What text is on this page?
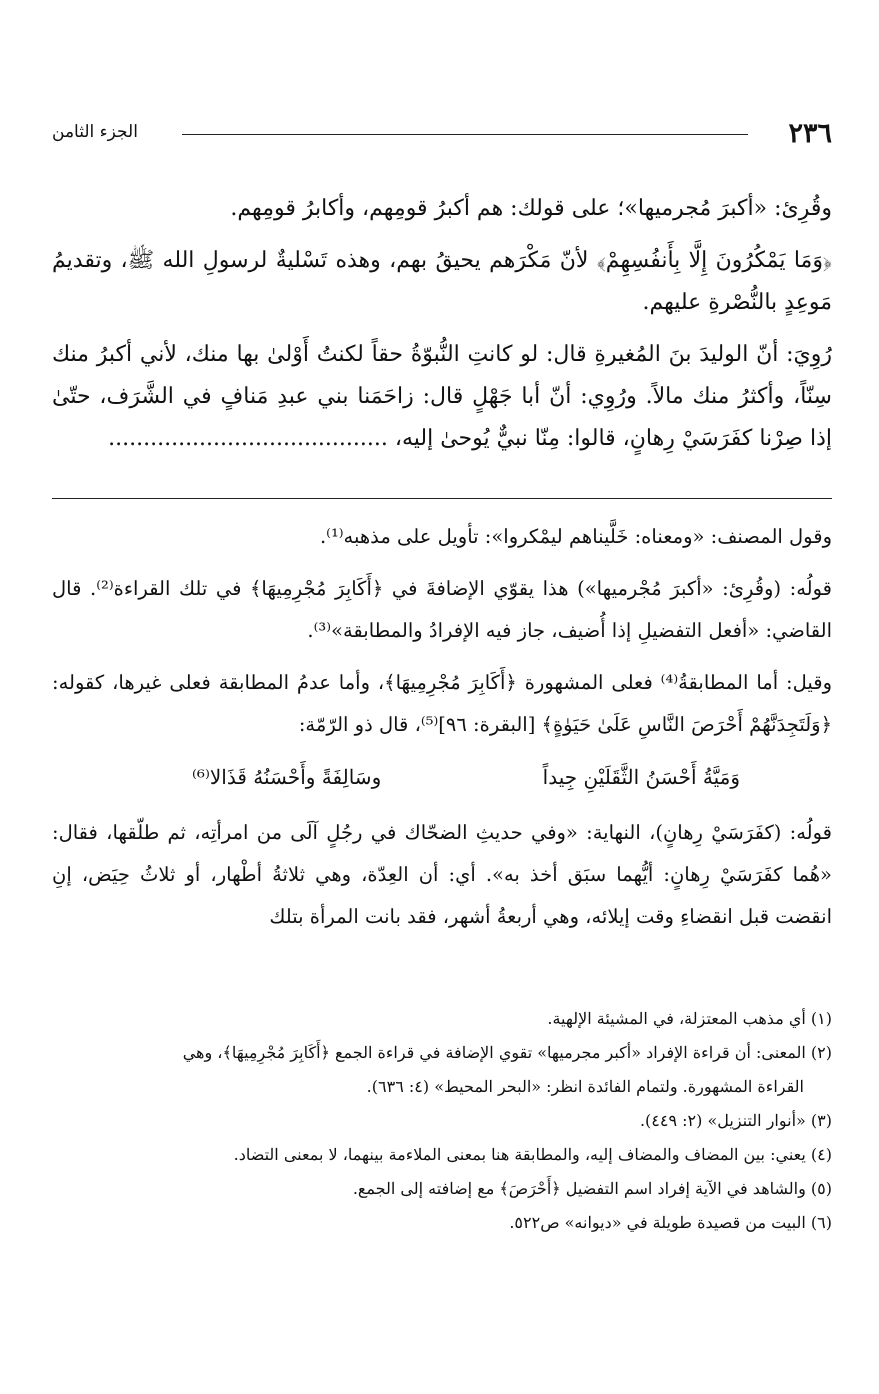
٢٣٦
الجزء الثامن

وقُرِئ: «أكبرَ مُجرميها»؛ على قولك: هم أكبرُ قومِهم، وأكابرُ قومِهم.

﴿وَمَا يَمْكُرُونَ إِلَّا بِأَنفُسِهِمْ﴾ لأنّ مَكْرَهم يحيقُ بهم، وهذه تَسْليةٌ لرسولِ الله ﷺ، وتقديمُ مَوعِدٍ بالنُّصْرةِ عليهم.

رُوِيَ: أنّ الوليدَ بنَ المُغيرةِ قال: لو كانتِ النُّبوّةُ حقاً لكنتُ أَوْلىٰ بها منك، لأني أكبرُ منك سِنّاً، وأكثرُ منك مالاً. ورُوِي: أنّ أبا جَهْلٍ قال: زاحَمَنا بني عبدِ مَنافٍ في الشَّرَف، حتّىٰ إذا صِرْنا كفَرَسَيْ رِهانٍ، قالوا: مِنّا نبيٌّ يُوحىٰ إليه، ........................................

وقول المصنف: «ومعناه: خَلَّيناهم ليمْكروا»: تأويل على مذهبه⁽¹⁾.

قولُه: (وقُرِئ: «أكبرَ مُجْرميها») هذا يقوّي الإضافةَ في ﴿أَكَابِرَ مُجْرِمِيهَا﴾ في تلك القراءة⁽²⁾. قال القاضي: «أفعل التفضيلِ إذا أُضيف، جاز فيه الإفرادُ والمطابقة»⁽³⁾.

وقيل: أما المطابقةُ⁽⁴⁾ فعلى المشهورة ﴿أَكَابِرَ مُجْرِمِيهَا﴾، وأما عدمُ المطابقة فعلى غيرها، كقوله: ﴿وَلَتَجِدَنَّهُمْ أَحْرَصَ النَّاسِ عَلَىٰ حَيَوٰةٍ﴾ [البقرة: ٩٦]⁽⁵⁾، قال ذو الرّمّة:

وَمَيَّةُ أَحْسَنُ الثَّقَلَيْنِ جِيداً
وسَالِفَةً وأَحْسَنُهُ قَذَالا⁽⁶⁾

قولُه: (كفَرَسَيْ رِهانٍ)، النهاية: «وفي حديثِ الضحّاك في رجُلٍ آلَى من امرأتِه، ثم طلّقها، فقال: «هُما كفَرَسَيْ رِهانٍ: أيُّهما سبَق أخذ به». أي: أن العِدّة، وهي ثلاثةُ أطْهار، أو ثلاثُ حِيَض، إنِ انقضت قبل انقضاءِ وقت إيلائه، وهي أربعةُ أشهر، فقد بانت المرأة بتلك

(١) أي مذهب المعتزلة، في المشيئة الإلهية.

(٢) المعنى: أن قراءة الإفراد «أكبر مجرميها» تقوي الإضافة في قراءة الجمع ﴿أَكَابِرَ مُجْرِمِيهَا﴾، وهي

القراءة المشهورة. ولتمام الفائدة انظر: «البحر المحيط» (٤: ٦٣٦).

(٣) «أنوار التنزيل» (٢: ٤٤٩).

(٤) يعني: بين المضاف والمضاف إليه، والمطابقة هنا بمعنى الملاءمة بينهما، لا بمعنى التضاد.

(٥) والشاهد في الآية إفراد اسم التفضيل ﴿أَحْرَصَ﴾ مع إضافته إلى الجمع.

(٦) البيت من قصيدة طويلة في «ديوانه» ص٥٢٢.
